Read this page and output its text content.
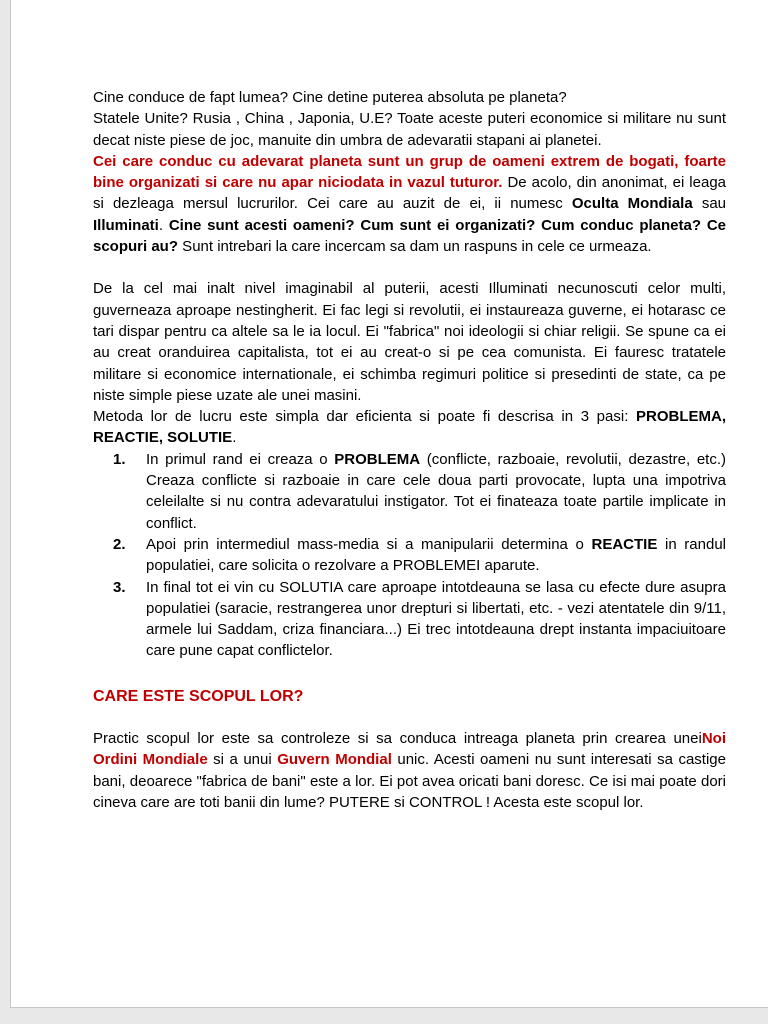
Cine conduce de fapt lumea? Cine detine puterea absoluta pe planeta?
Statele Unite? Rusia , China , Japonia, U.E? Toate aceste puteri economice si militare nu sunt decat niste piese de joc, manuite din umbra de adevaratii stapani ai planetei.
Cei care conduc cu adevarat planeta sunt un grup de oameni extrem de bogati, foarte bine organizati si care nu apar niciodata in vazul tuturor. De acolo, din anonimat, ei leaga si dezleaga mersul lucrurilor. Cei care au auzit de ei, ii numesc Oculta Mondiala sau Illuminati. Cine sunt acesti oameni? Cum sunt ei organizati? Cum conduc planeta? Ce scopuri au? Sunt intrebari la care incercam sa dam un raspuns in cele ce urmeaza.

De la cel mai inalt nivel imaginabil al puterii, acesti Illuminati necunoscuti celor multi, guverneaza aproape nestingherit. Ei fac legi si revolutii, ei instaureaza guverne, ei hotarasc ce tari dispar pentru ca altele sa le ia locul. Ei "fabrica" noi ideologii si chiar religii. Se spune ca ei au creat oranduirea capitalista, tot ei au creat-o si pe cea comunista. Ei fauresc tratatele militare si economice internationale, ei schimba regimuri politice si presedinti de state, ca pe niste simple piese uzate ale unei masini.
Metoda lor de lucru este simpla dar eficienta si poate fi descrisa in 3 pasi: PROBLEMA, REACTIE, SOLUTIE.

1.	In primul rand ei creaza o PROBLEMA (conflicte, razboaie, revolutii, dezastre, etc.) Creaza conflicte si razboaie in care cele doua parti provocate, lupta una impotriva celeilalte si nu contra adevaratului instigator. Tot ei finateaza toate partile implicate in conflict.
2.	Apoi prin intermediul mass-media si a manipularii determina o REACTIE in randul populatiei, care solicita o rezolvare a PROBLEMEI aparute.
3.	In final tot ei vin cu SOLUTIA care aproape intotdeauna se lasa cu efecte dure asupra populatiei (saracie, restrangerea unor drepturi si libertati, etc. - vezi atentatele din 9/11, armele lui Saddam, criza financiara...) Ei trec intotdeauna drept instanta impaciuitoare care pune capat conflictelor.
CARE ESTE SCOPUL LOR?

Practic scopul lor este sa controleze si sa conduca intreaga planeta prin crearea uneiNoi Ordini Mondiale si a unui Guvern Mondial unic. Acesti oameni nu sunt interesati sa castige bani, deoarece "fabrica de bani" este a lor. Ei pot avea oricati bani doresc. Ce isi mai poate dori cineva care are toti banii din lume? PUTERE si CONTROL ! Acesta este scopul lor.
